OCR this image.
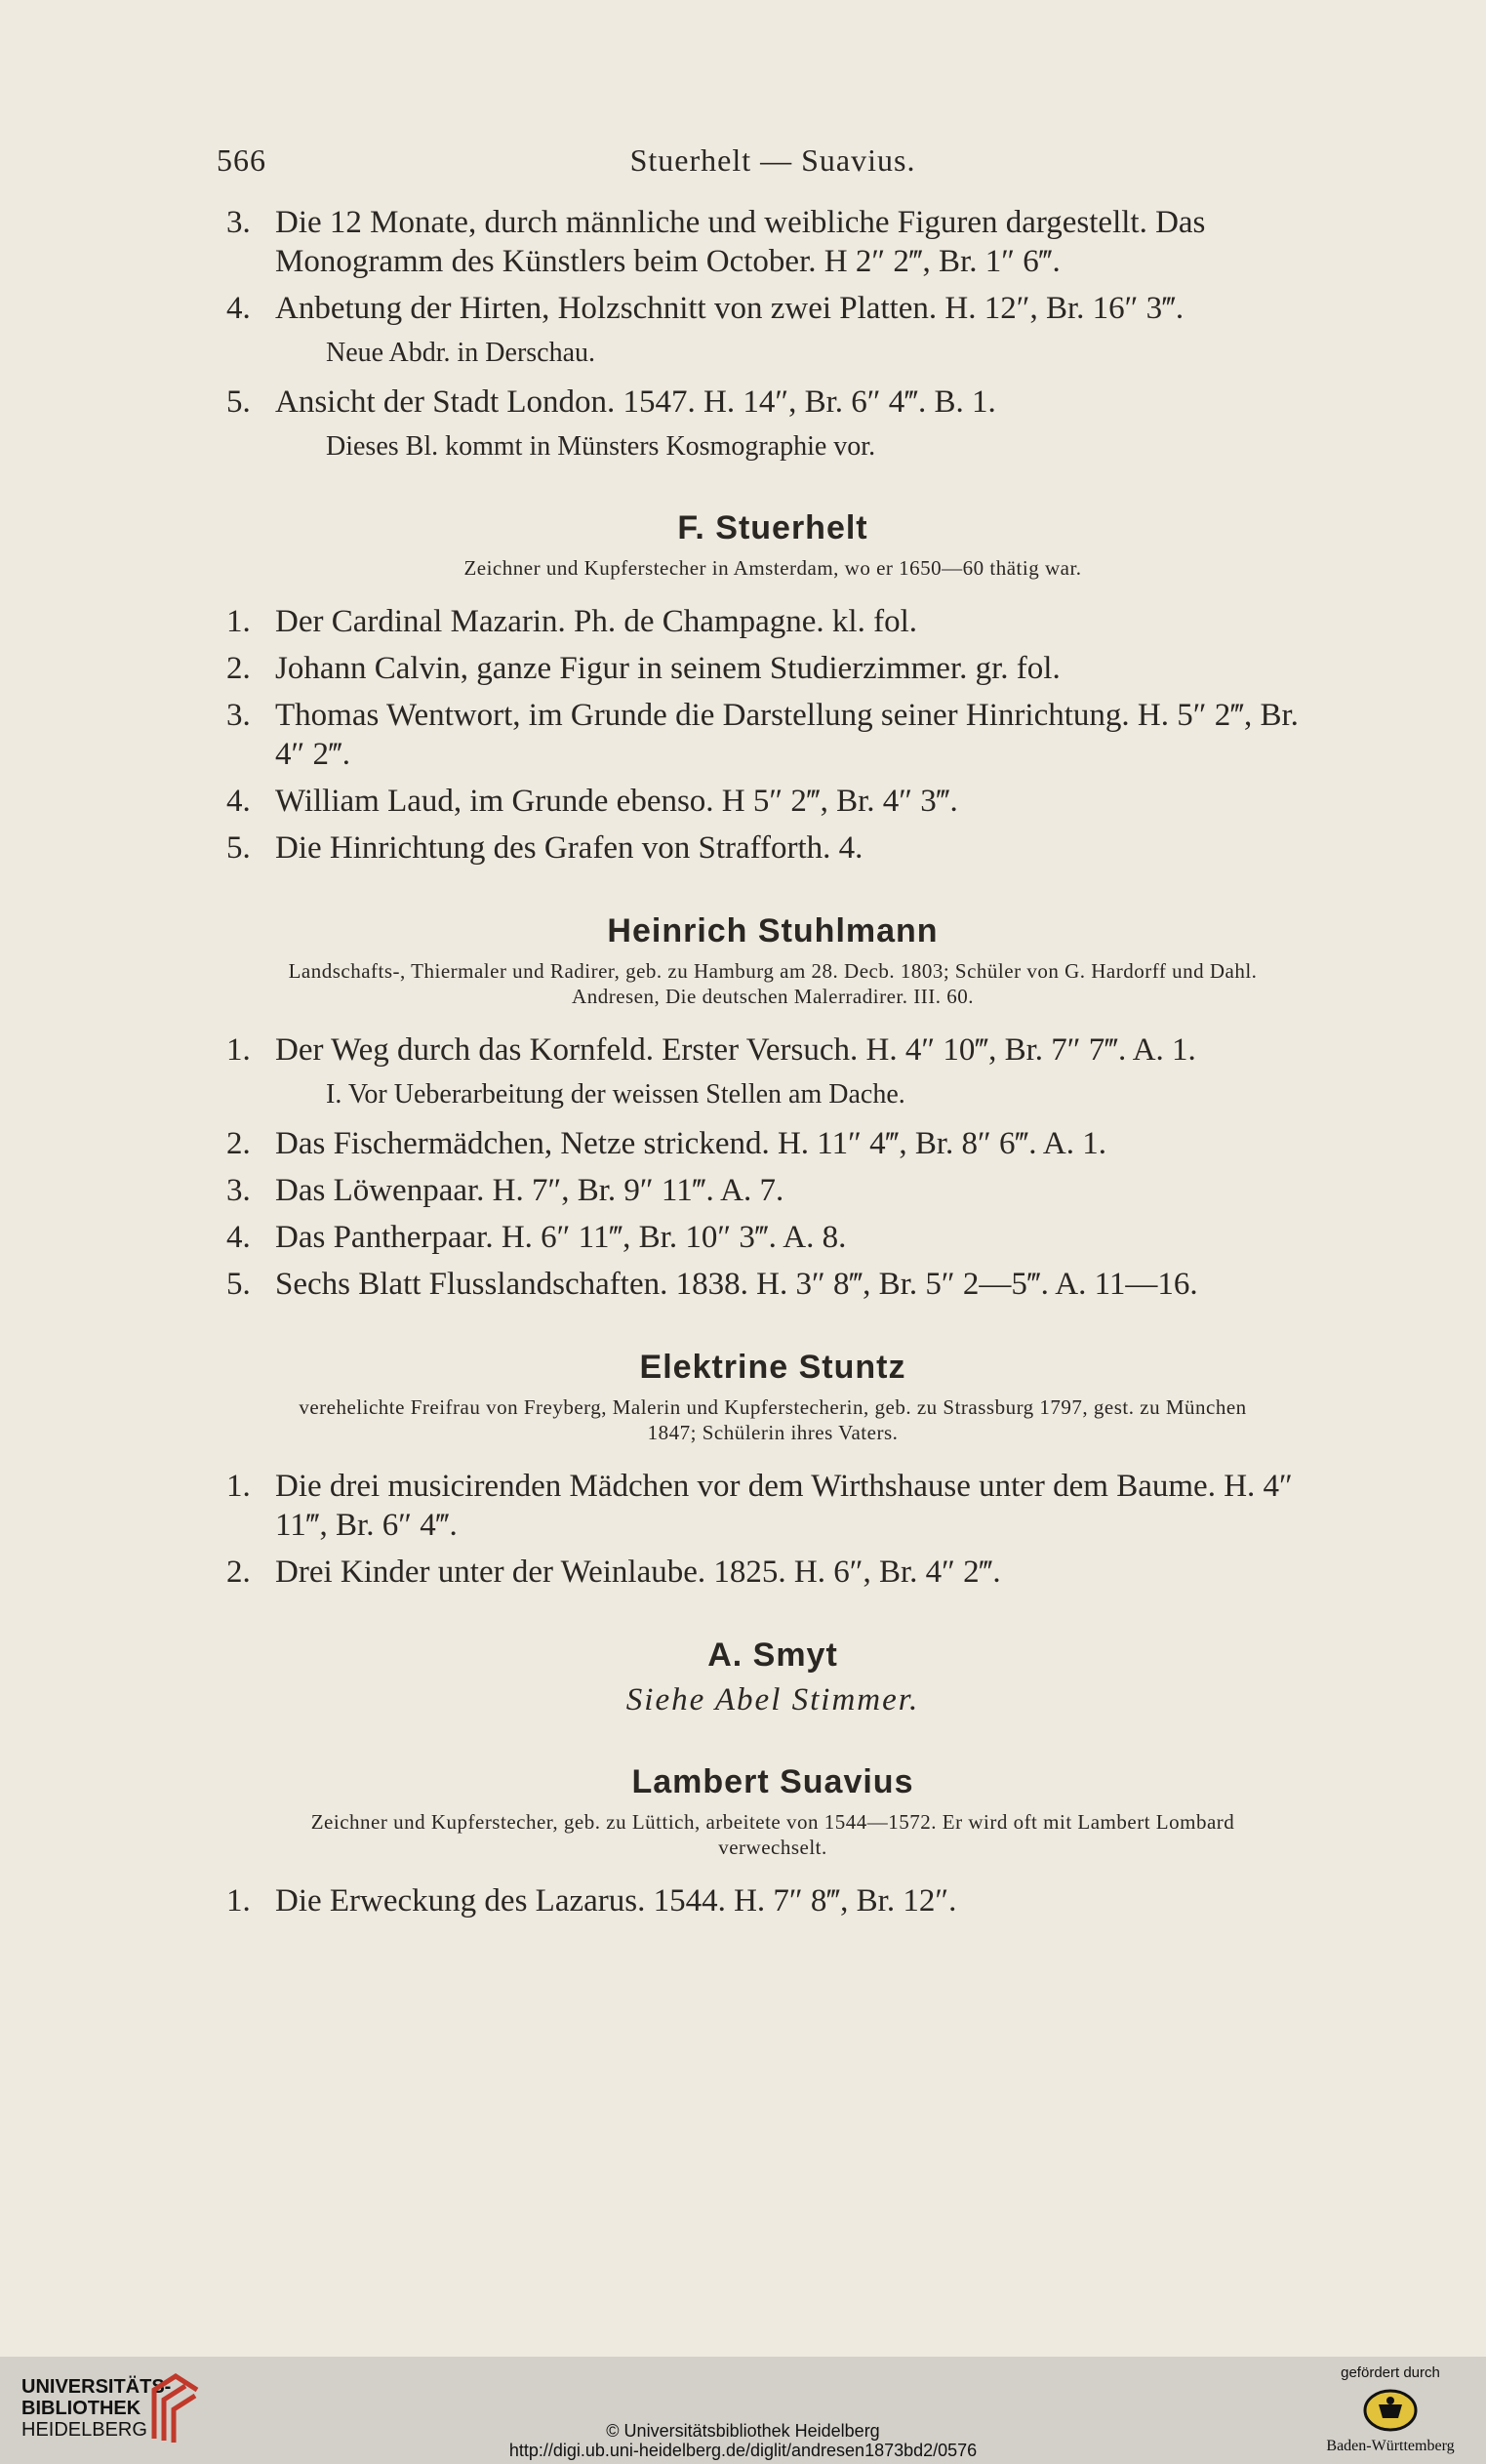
566	Stuerhelt — Suavius.
3. Die 12 Monate, durch männliche und weibliche Figuren dargestellt. Das Monogramm des Künstlers beim October. H 2″ 2‴, Br. 1″ 6‴.
4. Anbetung der Hirten, Holzschnitt von zwei Platten. H. 12″, Br. 16″ 3‴.
Neue Abdr. in Derschau.
5. Ansicht der Stadt London. 1547. H. 14″, Br. 6″ 4‴. B. 1.
Dieses Bl. kommt in Münsters Kosmographie vor.
F. Stuerhelt
Zeichner und Kupferstecher in Amsterdam, wo er 1650—60 thätig war.
1. Der Cardinal Mazarin. Ph. de Champagne. kl. fol.
2. Johann Calvin, ganze Figur in seinem Studierzimmer. gr. fol.
3. Thomas Wentwort, im Grunde die Darstellung seiner Hinrichtung. H. 5″ 2‴, Br. 4″ 2‴.
4. William Laud, im Grunde ebenso. H 5″ 2‴, Br. 4″ 3‴.
5. Die Hinrichtung des Grafen von Strafforth. 4.
Heinrich Stuhlmann
Landschafts-, Thiermaler und Radirer, geb. zu Hamburg am 28. Decb. 1803; Schüler von G. Hardorff und Dahl. Andresen, Die deutschen Malerradirer. III. 60.
1. Der Weg durch das Kornfeld. Erster Versuch. H. 4″ 10‴, Br. 7″ 7‴. A. 1.
I. Vor Ueberarbeitung der weissen Stellen am Dache.
2. Das Fischermädchen, Netze strickend. H. 11″ 4‴, Br. 8″ 6‴. A. 1.
3. Das Löwenpaar. H. 7″, Br. 9″ 11‴. A. 7.
4. Das Pantherpaar. H. 6″ 11‴, Br. 10″ 3‴. A. 8.
5. Sechs Blatt Flusslandschaften. 1838. H. 3″ 8‴, Br. 5″ 2—5‴. A. 11—16.
Elektrine Stuntz
verehelichte Freifrau von Freyberg, Malerin und Kupferstecherin, geb. zu Strassburg 1797, gest. zu München 1847; Schülerin ihres Vaters.
1. Die drei musicirenden Mädchen vor dem Wirthshause unter dem Baume. H. 4″ 11‴, Br. 6″ 4‴.
2. Drei Kinder unter der Weinlaube. 1825. H. 6″, Br. 4″ 2‴.
A. Smyt
Siehe Abel Stimmer.
Lambert Suavius
Zeichner und Kupferstecher, geb. zu Lüttich, arbeitete von 1544—1572. Er wird oft mit Lambert Lombard verwechselt.
1. Die Erweckung des Lazarus. 1544. H. 7″ 8‴, Br. 12″.
UNIVERSITÄTS-
BIBLIOTHEK
HEIDELBERG	© Universitätsbibliothek Heidelberg
http://digi.ub.uni-heidelberg.de/diglit/andresen1873bd2/0576
gefördert durch
Baden-Württemberg
